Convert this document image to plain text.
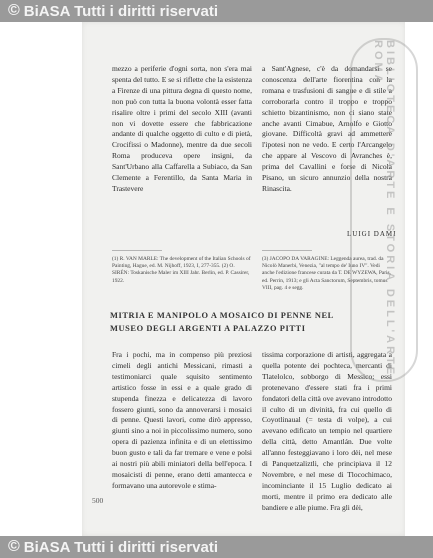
© BiASA Tutti i diritti riservati

mezzo a periferie d'ogni sorta, non s'era mai spenta del tutto. E se si riflette che la esistenza a Firenze di una pittura degna di questo nome, non può con tutta la buona volontà esser fatta risalire oltre i primi del secolo XIII (avanti non vi dovette essere che fabbricazione andante di qualche oggetto di culto e di pietà, Crocifissi o Madonne), mentre da due secoli Roma produceva opere insigni, da Sant'Urbano alla Caffarella a Subiaco, da San Clemente a Ferentillo, da Santa Maria in Trastevere

a Sant'Agnese, c'è da domandarsi se conoscenza dell'arte fiorentina con la romana e trasfusioni di sangue e di stile a corroborarla contro il troppo e troppo schietto bizantinismo, non ci siano state anche avanti Cimabue, Arnolfo e Giotto giovane. Difficoltà gravi ad ammettere l'ipotesi non ne vedo. E certo l'Arcangelo che appare al Vescovo di Avranches è, prima del Cavallini e forse di Nicola Pisano, un sicuro annunzio della nostra Rinascita.

LUIGI DAMI
(1) R. VAN MARLE: The development of the Italian Schools of Painting, Hague, ed. M. Nijhoff, 1923, I, 277-355. (2) O. SIRÉN: Toskanische Maler im XIII Jahr. Berlin, ed. P. Cassirer, 1922.
(3) JACOPO DA VARAGINE: Leggenda aurea, trad. da Nicolò Manerbi, Venezia, "al tempo de' Iuno IV". Vedi anche l'edizione francese curata da T. DE WYZEWA, Paris, ed. Perrin, 1913; e gli Acta Sanctorum, Septembris, tomus VIII, pag. 4 e segg.
MITRIA E MANIPOLO A MOSAICO DI PENNE NEL MUSEO DEGLI ARGENTI A PALAZZO PITTI

Fra i pochi, ma in compenso più preziosi cimeli degli antichi Messicani, rimasti a testimoniarci quale squisito sentimento artistico fosse in essi e a quale grado di stupenda finezza e delicatezza di lavoro fossero giunti, sono da annoverarsi i mosaici di penne. Questi lavori, come dirò appresso, giunti sino a noi in piccolissimo numero, sono opera di pazienza infinita e di un elettissimo buon gusto e tali da far tremare e vene e polsi ai nostri più abili miniatori della bell'epoca. I mosaicisti di penne, erano detti amantecca e formavano una autorevole e stima-

tissima corporazione di artisti, aggregata a quella potente dei pochteca, mercanti di Tlatelolco, sobborgo di Messico; essi protenevano d'essere stati fra i primi fondatori della città ove avevano introdotto il culto di un divinità, fra cui quello di Coyotlinaual (= testa di volpe), a cui avevano edificato un tempio nel quartiere della città, detto Amantlán. Due volte all'anno festeggiavano i loro dèi, nel mese di Panquetzaliztli, che principiava il 12 Novembre, e nel mese di Tlocochimaco, incominciante il 15 Luglio dedicato ai morti, mentre il primo era dedicato alle bandiere e alle piume. Fra gli dèi,

500
BIBLIOTECA D'ARTE E STORIA DELL'ARTE ROMA
© BiASA Tutti i diritti riservati
